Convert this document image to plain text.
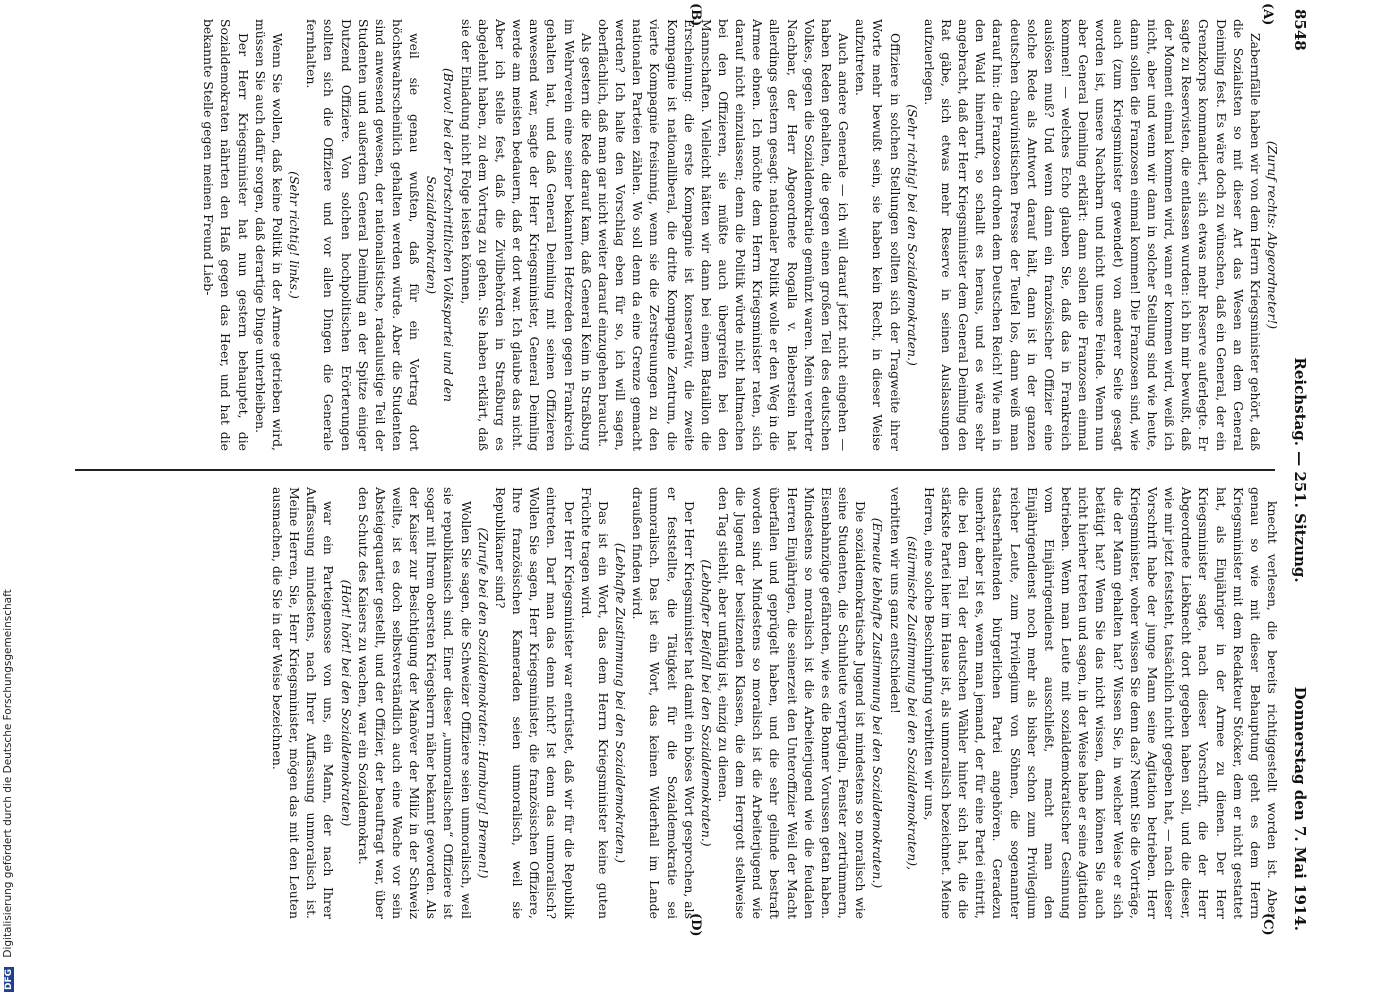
8548
Reichstag. — 251. Sitzung.
Donnerstag den 7. Mai 1914.
(A)
(B)
(C)
(D)

(Zuruf rechts: Abgeordneter!)

Zabernfälle haben wir von dem Herrn Kriegsminister gehört, daß die Sozialisten so mit dieser Art das Wesen an dem General Deimling fest. Es wäre doch zu wünschen, daß ein General, der ein Grenzkorps kommandiert, sich etwas mehr Reserve auferlegte. Er sagte zu Reservisten, die entlassen wurden: ich bin mir bewußt, daß der Moment einmal kommen wird, wann er kommen wird, weiß ich nicht, aber und wenn wir dann in solcher Stellung sind wie heute, dann sollen die Franzosen einmal kommen! Die Franzosen sind, wie auch (zum Kriegsminister gewendet) von anderer Seite gesagt worden ist, unsere Nachbarn und nicht unsere Feinde. Wenn nun aber General Deimling erklärt: dann sollen die Franzosen einmal kommen! — welches Echo glauben Sie, daß das in Frankreich auslösen muß? Und wenn dann ein französischer Offizier eine solche Rede als Antwort darauf hält, dann ist in der ganzen deutschen chauvinistischen Presse der Teufel los, dann weiß man darauf hin: die Franzosen drohen dem Deutschen Reich! Wie man in den Wald hineinruft, so schallt es heraus, und es wäre sehr angebracht, daß der Herr Kriegsminister dem General Deimling den Rat gäbe, sich etwas mehr Reserve in seinen Auslassungen aufzuerlegen.

(Sehr richtig! bei den Sozialdemokraten.)

Offiziere in solchen Stellungen sollten sich der Tragweite ihrer Worte mehr bewußt sein, sie haben kein Recht, in dieser Weise aufzutreten.

Auch andere Generale — ich will darauf jetzt nicht eingehen — haben Reden gehalten, die gegen einen großen Teil des deutschen Volkes, gegen die Sozialdemokratie gemünzt waren. Mein verehrter Nachbar, der Herr Abgeordnete Rogalla v. Bieberstein hat allerdings gestern gesagt: nationaler Politik wolle er den Weg in die Armee ebnen. Ich möchte dem Herrn Kriegsminister raten, sich darauf nicht einzulassen; denn die Politik würde nicht haltmachen bei den Offizieren, sie müßte auch übergreifen bei den Mannschaften. Vielleicht hätten wir dann bei einem Bataillon die Erscheinung: die erste Kompagnie ist konservativ, die zweite Kompagnie ist nationalliberal, die dritte Kompagnie Zentrum, die vierte Kompagnie freisinnig, wenn sie die Zerstreuungen zu den nationalen Parteien zählen. Wo soll denn da eine Grenze gemacht werden? Ich halte den Vorschlag eben für so, ich will sagen, oberflächlich, daß man gar nicht weiter darauf einzugehen braucht.

Als gestern die Rede darauf kam, daß General Keim in Straßburg im Wehrverein eine seiner bekannten Hetzreden gegen Frankreich gehalten hat, und daß General Deimling mit seinen Offizieren anwesend war, sagte der Herr Kriegsminister, General Deimling werde am meisten bedauern, daß er dort war. Ich glaube das nicht. Aber ich stelle fest, daß die Zivilbehörden in Straßburg es abgelehnt haben, zu dem Vortrag zu gehen. Sie haben erklärt, daß sie der Einladung nicht Folge leisten können,

(Bravo! bei der Fortschrittlichen Volkspartei und den Sozialdemokraten)

weil sie genau wußten, daß für ein Vortrag dort höchstwahrscheinlich gehalten werden würde. Aber die Studenten sind anwesend gewesen, der nationalistische, radaulustige Teil der Studenten und außerdem General Deimling an der Spitze einiger Dutzend Offiziere. Von solchen hochpolitischen Erörterungen sollten sich die Offiziere und vor allen Dingen die Generale fernhalten.

(Sehr richtig! links.)

Wenn Sie wollen, daß keine Politik in der Armee getrieben wird, müssen Sie auch dafür sorgen, daß derartige Dinge unterbleiben.

Der Herr Kriegsminister hat nun gestern behauptet, die Sozialdemokraten nährten den Haß gegen das Heer, und hat die bekannte Stelle gegen meinen Freund Lieb-

knecht verlesen, die bereits richtiggestellt worden ist. Aber genau so wie mit dieser Behauptung geht es dem Herrn Kriegsminister mit dem Redakteur Stöcker, dem er nicht gestattet hat, als Einjähriger in der Armee zu dienen. Der Herr Kriegsminister sagte, nach dieser Vorschrift, die der Herr Abgeordnete Liebknecht dort gegeben haben soll, und die dieser, wie mir jetzt feststeht, tatsächlich nicht gegeben hat, — nach dieser Vorschrift habe der junge Mann seine Agitation betrieben. Herr Kriegsminister, woher wissen Sie denn das? Nennt Sie die Vorträge, die der Mann gehalten hat? Wissen Sie, in welcher Weise er sich betätigt hat? Wenn Sie das nicht wissen, dann können Sie auch nicht hierher treten und sagen, in der Weise habe er seine Agitation betrieben. Wenn man Leute mit sozialdemokratischer Gesinnung vom Einjährigendienst ausschließt, macht man den Einjährigendienst noch mehr als bisher schon zum Privilegium reicher Leute, zum Privilegium von Söhnen, die sogenannter staatserhaltenden bürgerlichen Partei angehören. Geradezu unerhört aber ist es, wenn man jemand, der für eine Partei eintritt, die bei dem Teil der deutschen Wähler hinter sich hat, die die stärkste Partei hier im Hause ist, als unmoralisch bezeichnet. Meine Herren, eine solche Beschimpfung verbitten wir uns,

(stürmische Zustimmung bei den Sozialdemokraten),

verbitten wir uns ganz entschieden!

(Erneute lebhafte Zustimmung bei den Sozialdemokraten.)

Die sozialdemokratische Jugend ist mindestens so moralisch wie seine Studenten, die Schuhleute verprügeln, Fenster zertrümmern, Eisenbahnzüge gefährden, wie es die Bonner Vorussen getan haben. Mindestens so moralisch ist die Arbeiterjugend wie die feudalen Herren Einjährigen, die seinerzeit den Unteroffizier Weil der Macht überfallen und geprügelt haben, und die sehr gelinde bestraft worden sind. Mindestens so moralisch ist die Arbeiterjugend wie die Jugend der besitzenden Klassen, die dem Herrgott stellweise den Tag stiehlt, aber unfähig ist, einzig zu dienen.

(Lebhafter Beifall bei den Sozialdemokraten.)

Der Herr Kriegsminister hat damit ein böses Wort gesprochen, als er feststellte, die Tätigkeit für die Sozialdemokratie sei unmoralisch. Das ist ein Wort, das keinen Widerhall im Lande draußen finden wird.

(Lebhafte Zustimmung bei den Sozialdemokraten.)

Das ist ein Wort, das dem Herrn Kriegsminister keine guten Früchte tragen wird.

Der Herr Kriegsminister war entrüstet, daß wir für die Republik eintreten. Darf man das denn nicht? Ist denn das unmoralisch? Wollen Sie sagen, Herr Kriegsminister, die französischen Offiziere, Ihre französischen Kameraden seien unmoralisch, weil sie Republikaner sind?

(Zurufe bei den Sozialdemokraten: Hamburg! Bremen!)

Wollen Sie sagen, die Schweizer Offiziere seien unmoralisch, weil sie republikanisch sind. Einer dieser „unmoralischen“ Offiziere ist sogar mit Ihrem obersten Kriegsherrn näher bekannt geworden. Als der Kaiser zur Besichtigung der Manöver der Miliz in der Schweiz weilte, ist es doch selbstverständlich auch eine Wache vor sein Absteigequartier gestellt, und der Offizier, der beauftragt war, über den Schutz des Kaisers zu wachen, war ein Sozialdemokrat.

(Hört! hört! bei den Sozialdemokraten)

war ein Parteigenosse von uns, ein Mann, der nach Ihrer Auffassung mindestens, nach Ihrer Auffassung unmoralisch ist. Meine Herren, Sie, Herr Kriegsminister, mögen das mit den Leuten ausmachen, die Sie in der Weise bezeichnen.

DFG Digitalisierung gefördert durch die Deutsche Forschungsgemeinschaft
